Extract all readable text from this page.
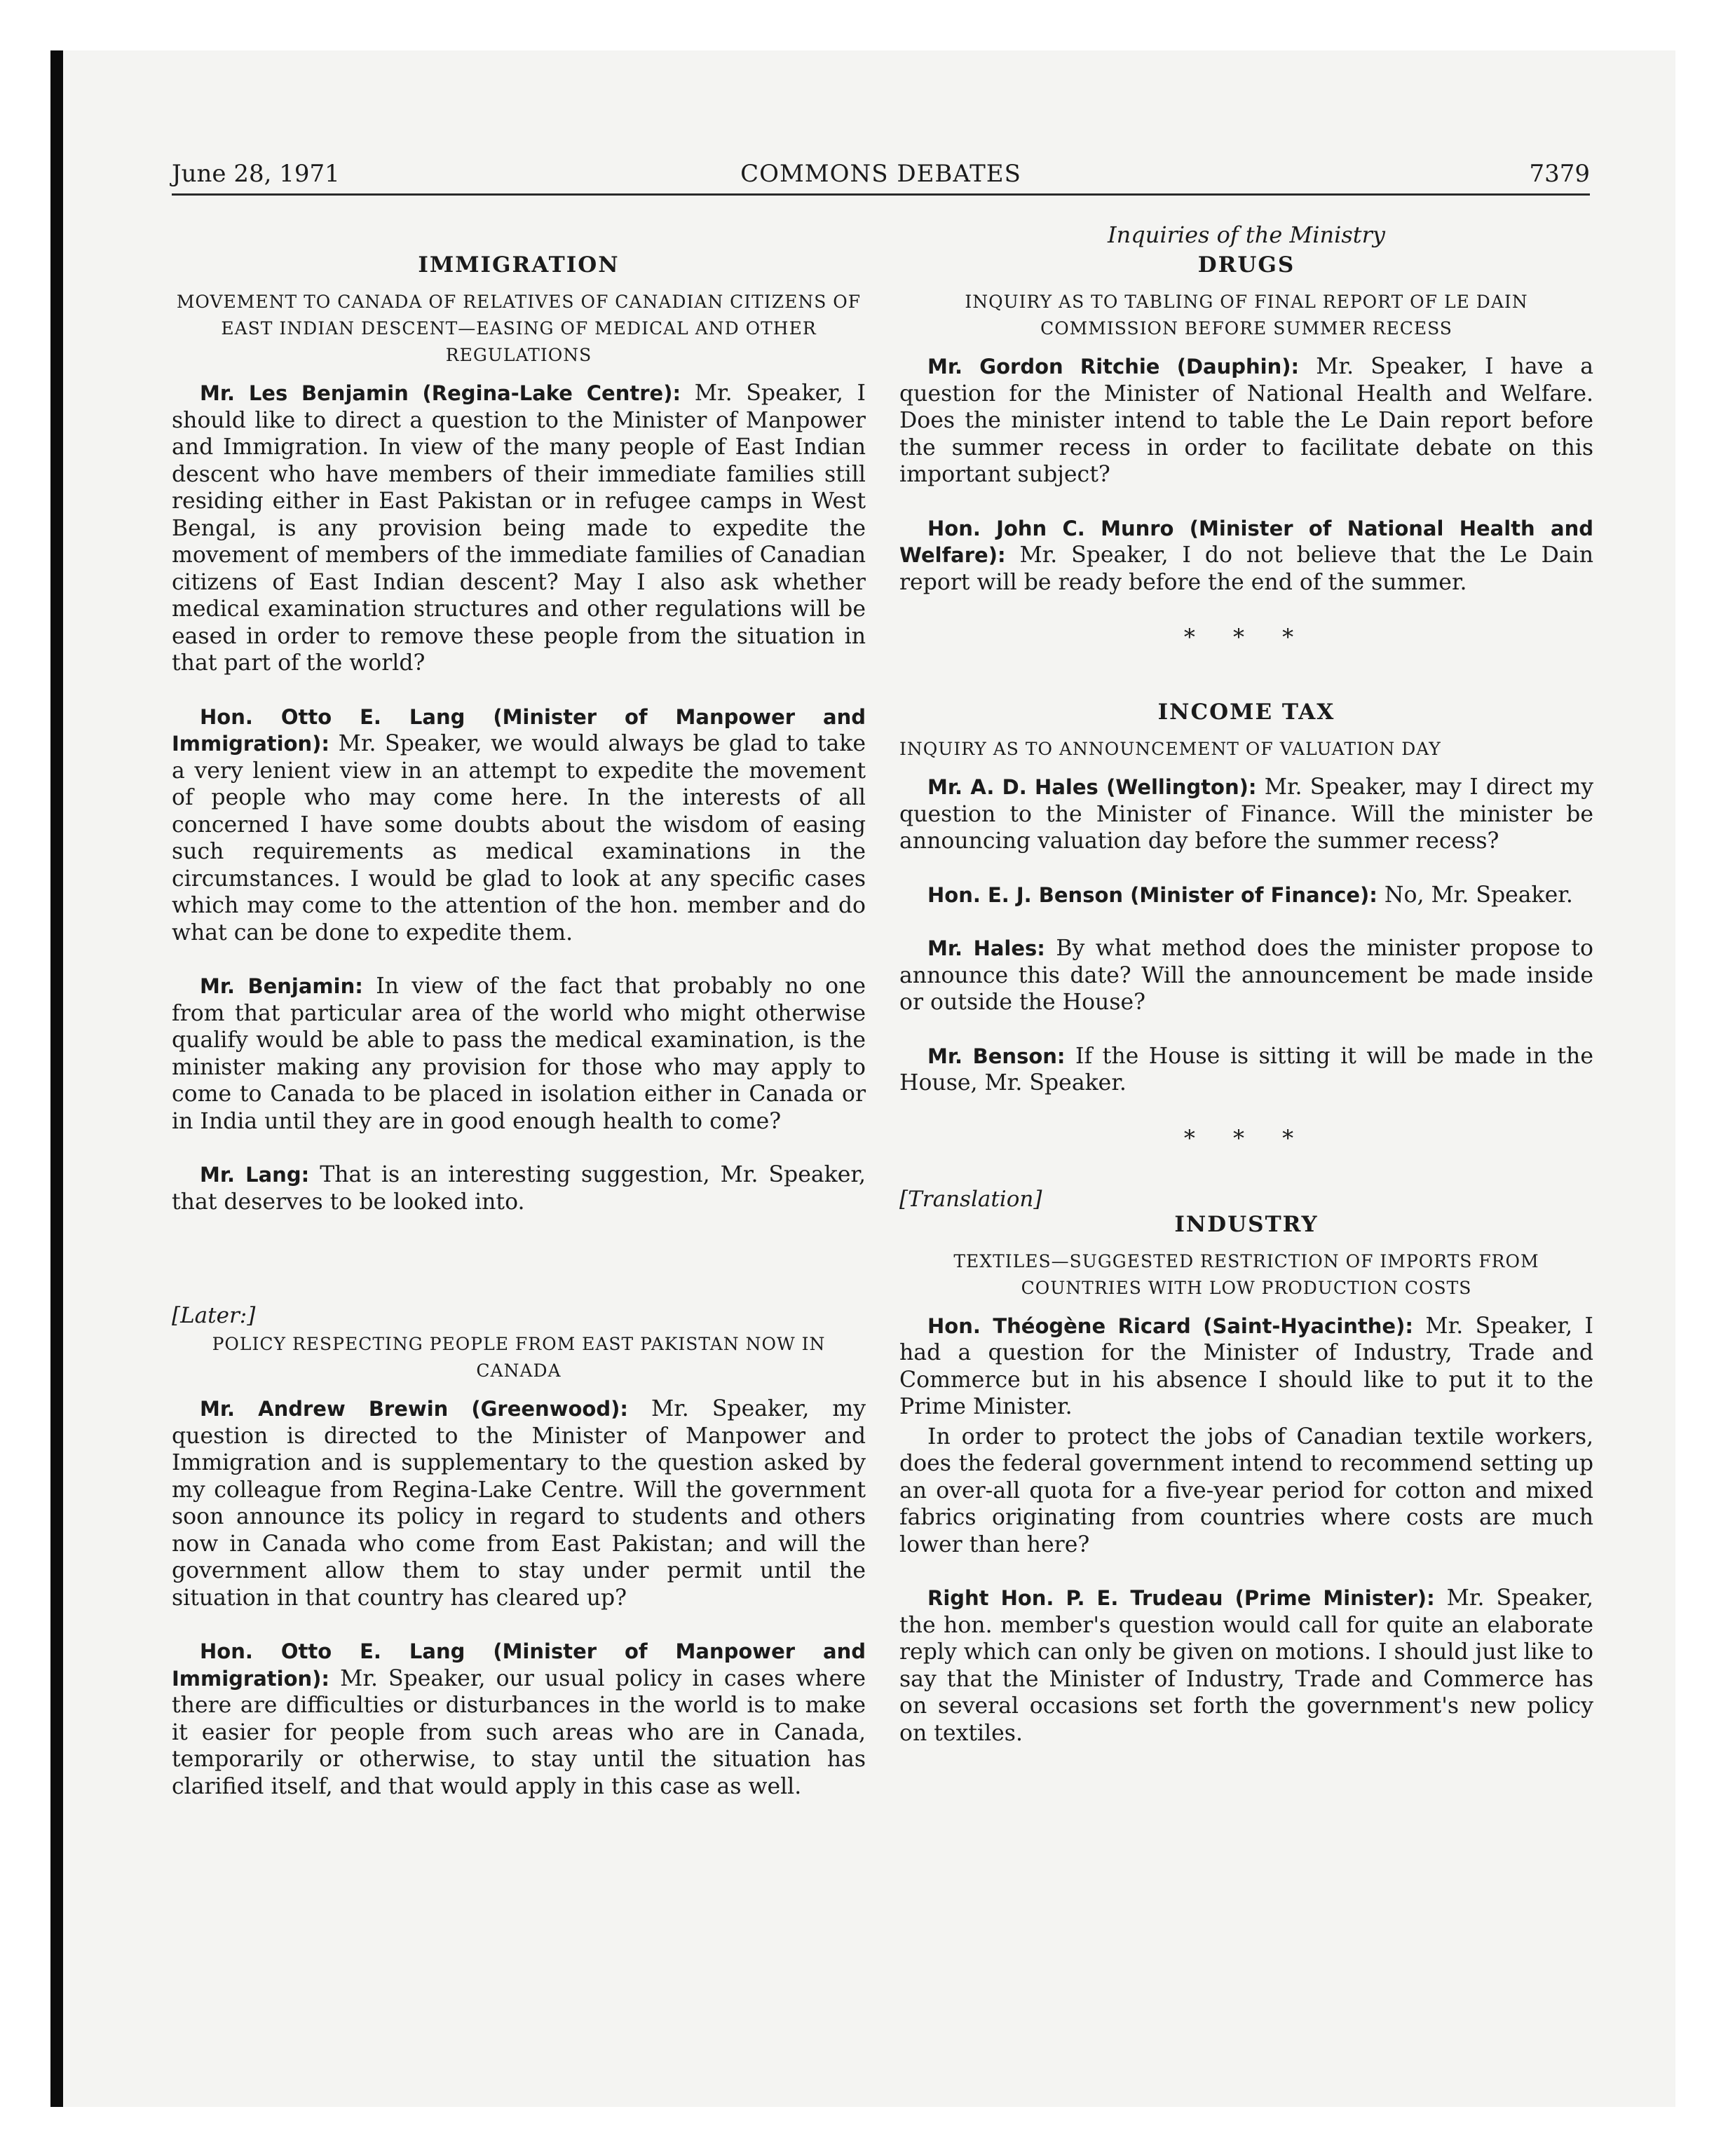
June 28, 1971	COMMONS DEBATES	7379
IMMIGRATION

MOVEMENT TO CANADA OF RELATIVES OF CANADIAN CITIZENS OF EAST INDIAN DESCENT—EASING OF MEDICAL AND OTHER REGULATIONS

Mr. Les Benjamin (Regina-Lake Centre): Mr. Speaker, I should like to direct a question to the Minister of Manpower and Immigration. In view of the many people of East Indian descent who have members of their immediate families still residing either in East Pakistan or in refugee camps in West Bengal, is any provision being made to expedite the movement of members of the immediate families of Canadian citizens of East Indian descent? May I also ask whether medical examination structures and other regulations will be eased in order to remove these people from the situation in that part of the world?

Hon. Otto E. Lang (Minister of Manpower and Immigration): Mr. Speaker, we would always be glad to take a very lenient view in an attempt to expedite the movement of people who may come here. In the interests of all concerned I have some doubts about the wisdom of easing such requirements as medical examinations in the circumstances. I would be glad to look at any specific cases which may come to the attention of the hon. member and do what can be done to expedite them.

Mr. Benjamin: In view of the fact that probably no one from that particular area of the world who might otherwise qualify would be able to pass the medical examination, is the minister making any provision for those who may apply to come to Canada to be placed in isolation either in Canada or in India until they are in good enough health to come?

Mr. Lang: That is an interesting suggestion, Mr. Speaker, that deserves to be looked into.

[Later:]

POLICY RESPECTING PEOPLE FROM EAST PAKISTAN NOW IN CANADA

Mr. Andrew Brewin (Greenwood): Mr. Speaker, my question is directed to the Minister of Manpower and Immigration and is supplementary to the question asked by my colleague from Regina-Lake Centre. Will the government soon announce its policy in regard to students and others now in Canada who come from East Pakistan; and will the government allow them to stay under permit until the situation in that country has cleared up?

Hon. Otto E. Lang (Minister of Manpower and Immigration): Mr. Speaker, our usual policy in cases where there are difficulties or disturbances in the world is to make it easier for people from such areas who are in Canada, temporarily or otherwise, to stay until the situation has clarified itself, and that would apply in this case as well.

Inquiries of the Ministry

DRUGS

INQUIRY AS TO TABLING OF FINAL REPORT OF LE DAIN COMMISSION BEFORE SUMMER RECESS

Mr. Gordon Ritchie (Dauphin): Mr. Speaker, I have a question for the Minister of National Health and Welfare. Does the minister intend to table the Le Dain report before the summer recess in order to facilitate debate on this important subject?

Hon. John C. Munro (Minister of National Health and Welfare): Mr. Speaker, I do not believe that the Le Dain report will be ready before the end of the summer.

* * *

INCOME TAX

INQUIRY AS TO ANNOUNCEMENT OF VALUATION DAY

Mr. A. D. Hales (Wellington): Mr. Speaker, may I direct my question to the Minister of Finance. Will the minister be announcing valuation day before the summer recess?

Hon. E. J. Benson (Minister of Finance): No, Mr. Speaker.

Mr. Hales: By what method does the minister propose to announce this date? Will the announcement be made inside or outside the House?

Mr. Benson: If the House is sitting it will be made in the House, Mr. Speaker.

* * *

[Translation]

INDUSTRY

TEXTILES—SUGGESTED RESTRICTION OF IMPORTS FROM COUNTRIES WITH LOW PRODUCTION COSTS

Hon. Théogène Ricard (Saint-Hyacinthe): Mr. Speaker, I had a question for the Minister of Industry, Trade and Commerce but in his absence I should like to put it to the Prime Minister.

In order to protect the jobs of Canadian textile workers, does the federal government intend to recommend setting up an over-all quota for a five-year period for cotton and mixed fabrics originating from countries where costs are much lower than here?

Right Hon. P. E. Trudeau (Prime Minister): Mr. Speaker, the hon. member's question would call for quite an elaborate reply which can only be given on motions. I should just like to say that the Minister of Industry, Trade and Commerce has on several occasions set forth the government's new policy on textiles.
